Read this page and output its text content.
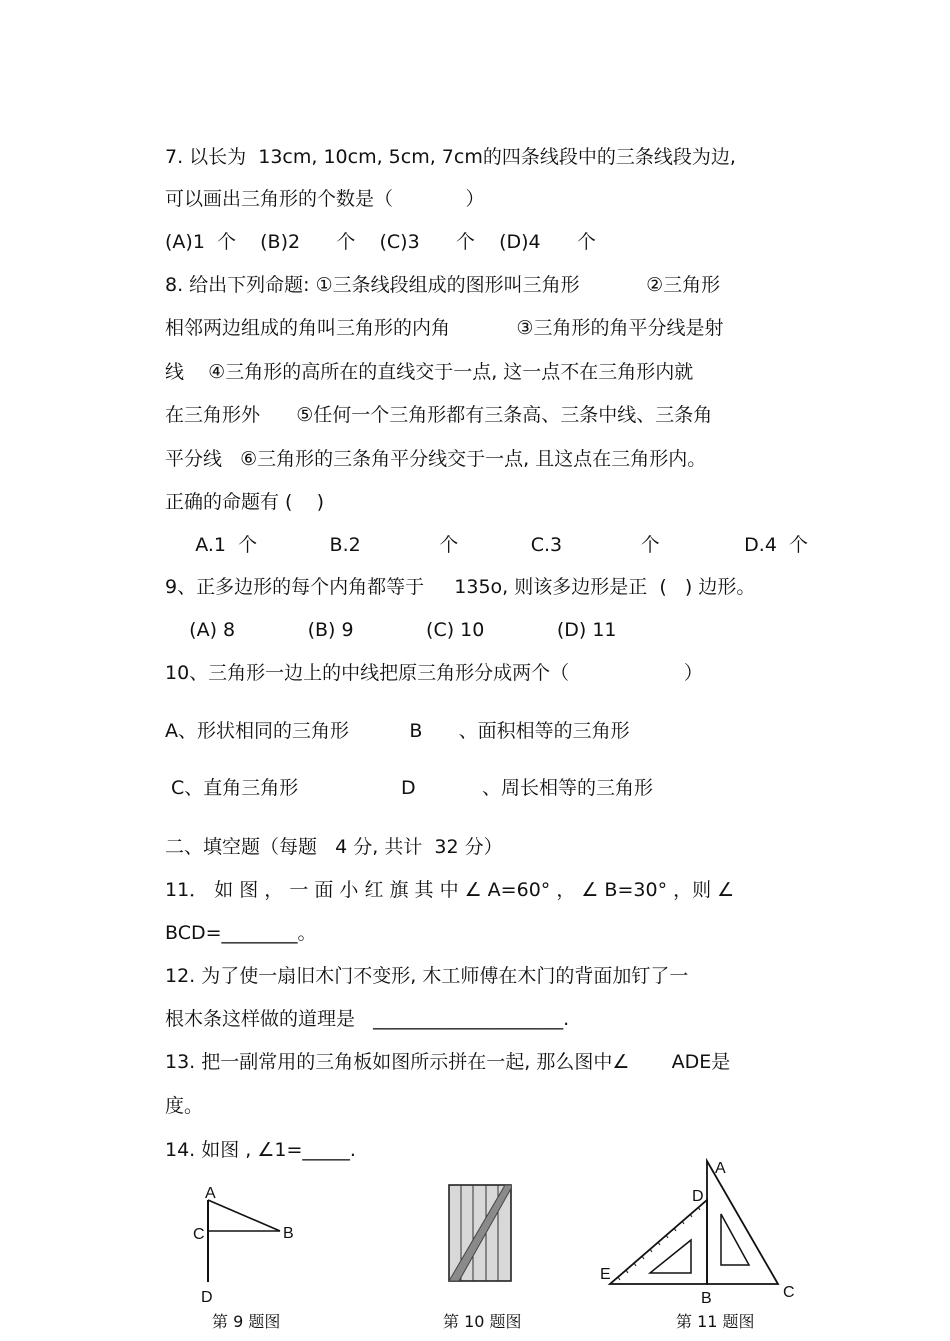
7. 以长为  13cm, 10cm, 5cm, 7cm的四条线段中的三条线段为边,
可以画出三角形的个数是（            ）
(A)1  个    (B)2      个    (C)3      个    (D)4      个
8. 给出下列命题: ①三条线段组成的图形叫三角形           ②三角形
相邻两边组成的角叫三角形的内角           ③三角形的角平分线是射
线    ④三角形的高所在的直线交于一点, 这一点不在三角形内就
在三角形外      ⑤任何一个三角形都有三条高、三条中线、三条角
平分线   ⑥三角形的三条角平分线交于一点, 且这点在三角形内。
正确的命题有 (    )
A.1  个            B.2             个            C.3             个              D.4  个
9、正多边形的每个内角都等于     135o, 则该多边形是正  (   ) 边形。
(A) 8            (B) 9            (C) 10            (D) 11
10、三角形一边上的中线把原三角形分成两个（                   ）
A、形状相同的三角形          B      、面积相等的三角形
C、直角三角形                 D           、周长相等的三角形
二、填空题（每题   4 分, 共计  32 分）
11． 如 图 ， 一 面 小 红 旗 其 中 ∠ A=60° ， ∠ B=30° ，则 ∠
BCD=________。
12. 为了使一扇旧木门不变形, 木工师傅在木门的背面加钉了一
根木条这样做的道理是   ____________________.
13. 把一副常用的三角板如图所示拼在一起, 那么图中∠       ADE是
度。
14. 如图 , ∠1=_____.
A
C	B
D
第 9 题图	第 10 题图
A
D
E
B	C
第 11 题图
